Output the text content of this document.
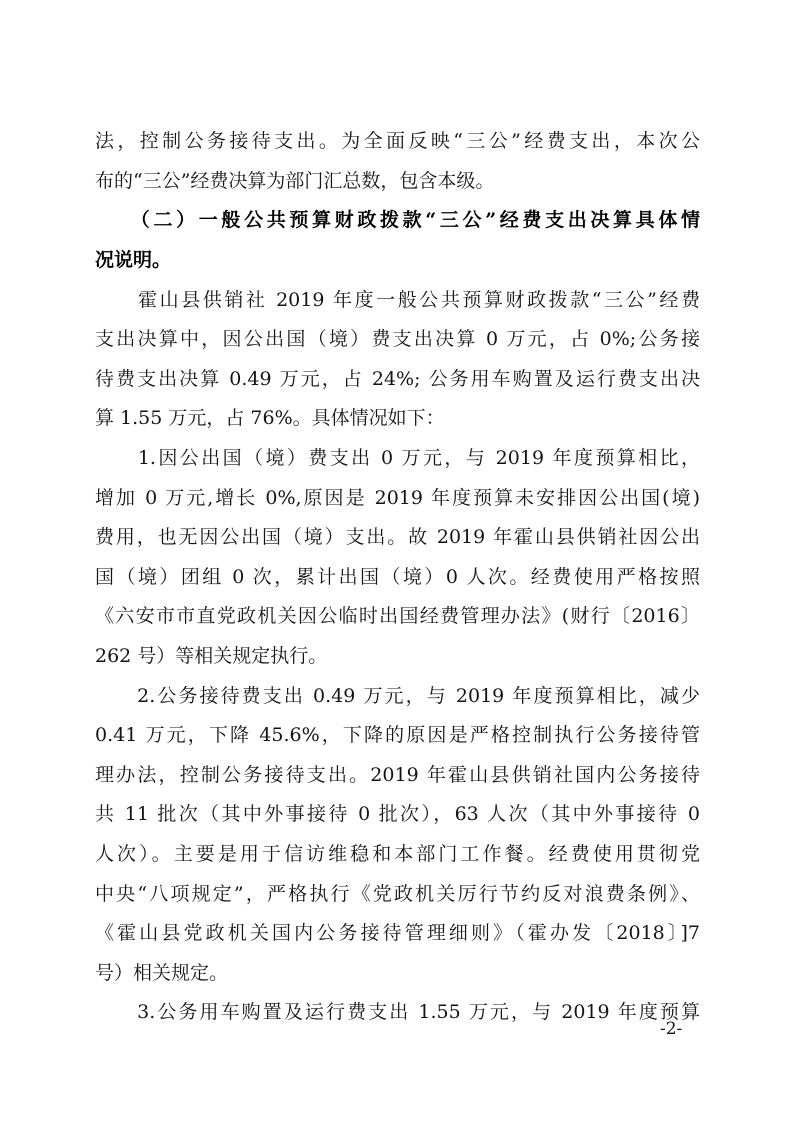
法，控制公务接待支出。为全面反映“三公”经费支出，本次公
布的“三公”经费决算为部门汇总数，包含本级。
　　（二）一般公共预算财政拨款“三公”经费支出决算具体情
况说明。
　　霍山县供销社 2019 年度一般公共预算财政拨款“三公”经费
支出决算中，因公出国（境）费支出决算 0 万元，占 0%;公务接
待费支出决算 0.49 万元，占 24%; 公务用车购置及运行费支出决
算 1.55 万元，占 76%。具体情况如下：
　　1.因公出国（境）费支出 0 万元，与 2019 年度预算相比，
增加 0 万元,增长 0%,原因是 2019 年度预算未安排因公出国(境)
费用，也无因公出国（境）支出。故 2019 年霍山县供销社因公出
国（境）团组 0 次，累计出国（境）0 人次。经费使用严格按照
《六安市市直党政机关因公临时出国经费管理办法》(财行〔2016〕
262 号）等相关规定执行。
　　2.公务接待费支出 0.49 万元，与 2019 年度预算相比，减少
0.41 万元，下降 45.6%，下降的原因是严格控制执行公务接待管
理办法，控制公务接待支出。2019 年霍山县供销社国内公务接待
共 11 批次（其中外事接待 0 批次），63 人次（其中外事接待 0
人次）。主要是用于信访维稳和本部门工作餐。经费使用贯彻党
中央“八项规定”，严格执行《党政机关厉行节约反对浪费条例》、
《霍山县党政机关国内公务接待管理细则》（霍办发〔2018〕]7
号）相关规定。
　　3.公务用车购置及运行费支出 1.55 万元，与 2019 年度预算
-2-
